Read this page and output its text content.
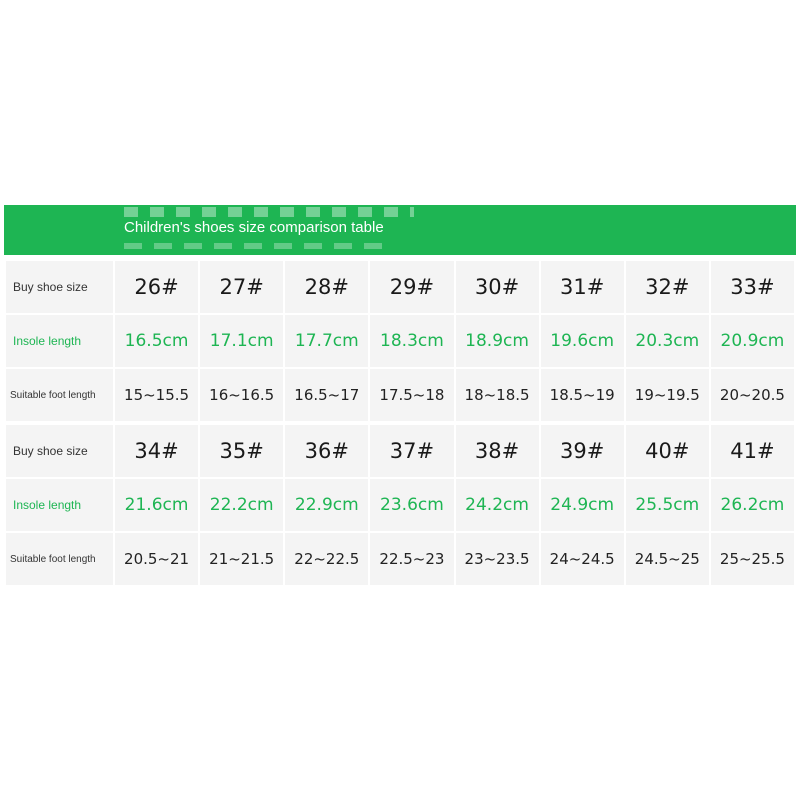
Children's shoes size comparison table
Buy shoe size	26#	27#	28#	29#	30#	31#	32#	33#
Insole length	16.5cm	17.1cm	17.7cm	18.3cm	18.9cm	19.6cm	20.3cm	20.9cm
Suitable foot length	15~15.5	16~16.5	16.5~17	17.5~18	18~18.5	18.5~19	19~19.5	20~20.5

Buy shoe size	34#	35#	36#	37#	38#	39#	40#	41#
Insole length	21.6cm	22.2cm	22.9cm	23.6cm	24.2cm	24.9cm	25.5cm	26.2cm
Suitable foot length	20.5~21	21~21.5	22~22.5	22.5~23	23~23.5	24~24.5	24.5~25	25~25.5
